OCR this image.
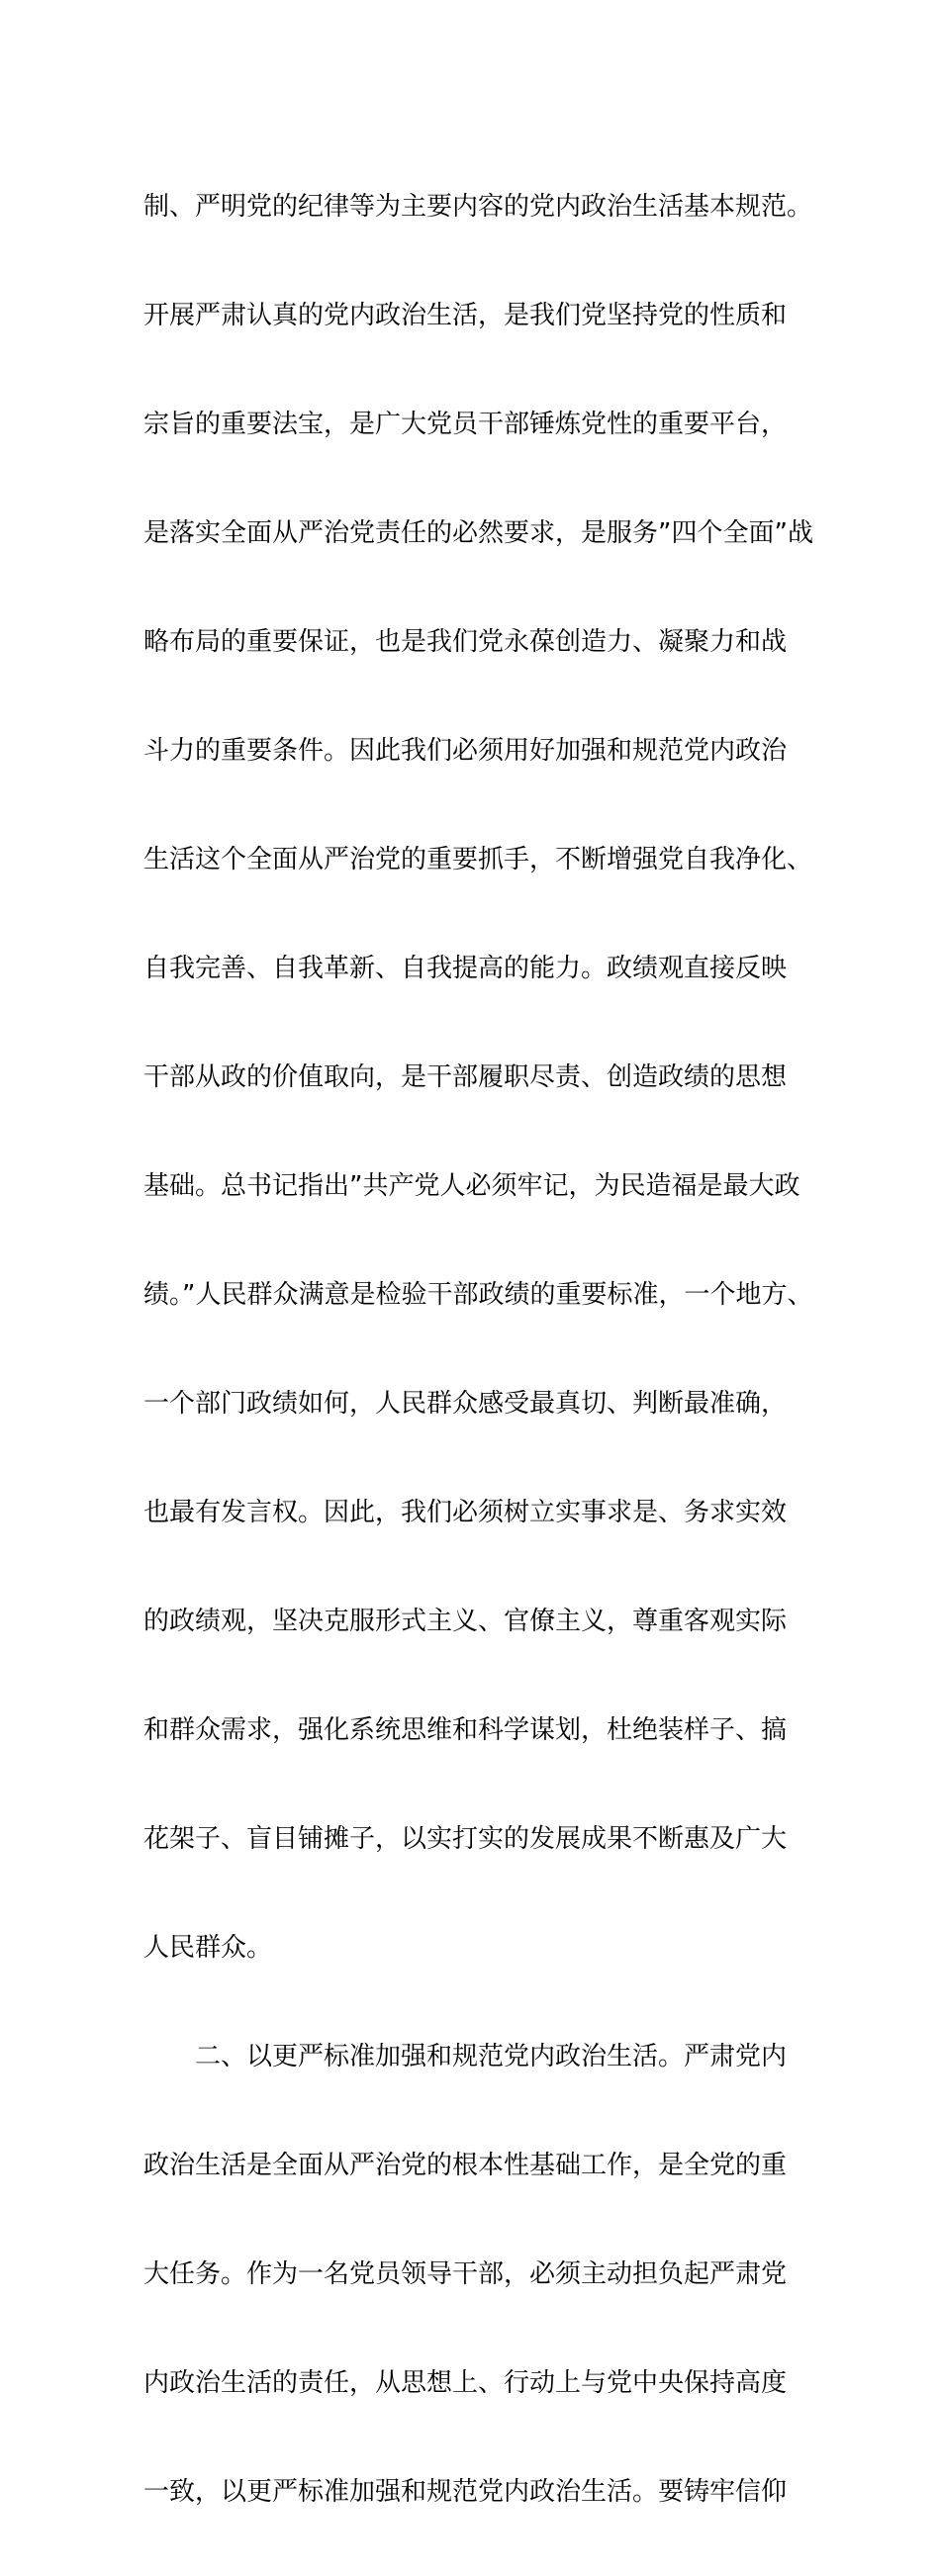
制、严明党的纪律等为主要内容的党内政治生活基本规范。

开展严肃认真的党内政治生活，是我们党坚持党的性质和

宗旨的重要法宝，是广大党员干部锤炼党性的重要平台，

是落实全面从严治党责任的必然要求，是服务”四个全面”战

略布局的重要保证，也是我们党永葆创造力、凝聚力和战

斗力的重要条件。因此我们必须用好加强和规范党内政治

生活这个全面从严治党的重要抓手，不断增强党自我净化、

自我完善、自我革新、自我提高的能力。政绩观直接反映

干部从政的价值取向，是干部履职尽责、创造政绩的思想

基础。总书记指出”共产党人必须牢记，为民造福是最大政

绩。”人民群众满意是检验干部政绩的重要标准，一个地方、

一个部门政绩如何，人民群众感受最真切、判断最准确，

也最有发言权。因此，我们必须树立实事求是、务求实效

的政绩观，坚决克服形式主义、官僚主义，尊重客观实际

和群众需求，强化系统思维和科学谋划，杜绝装样子、搞

花架子、盲目铺摊子，以实打实的发展成果不断惠及广大

人民群众。

二、以更严标准加强和规范党内政治生活。严肃党内

政治生活是全面从严治党的根本性基础工作，是全党的重

大任务。作为一名党员领导干部，必须主动担负起严肃党

内政治生活的责任，从思想上、行动上与党中央保持高度

一致，以更严标准加强和规范党内政治生活。要铸牢信仰
